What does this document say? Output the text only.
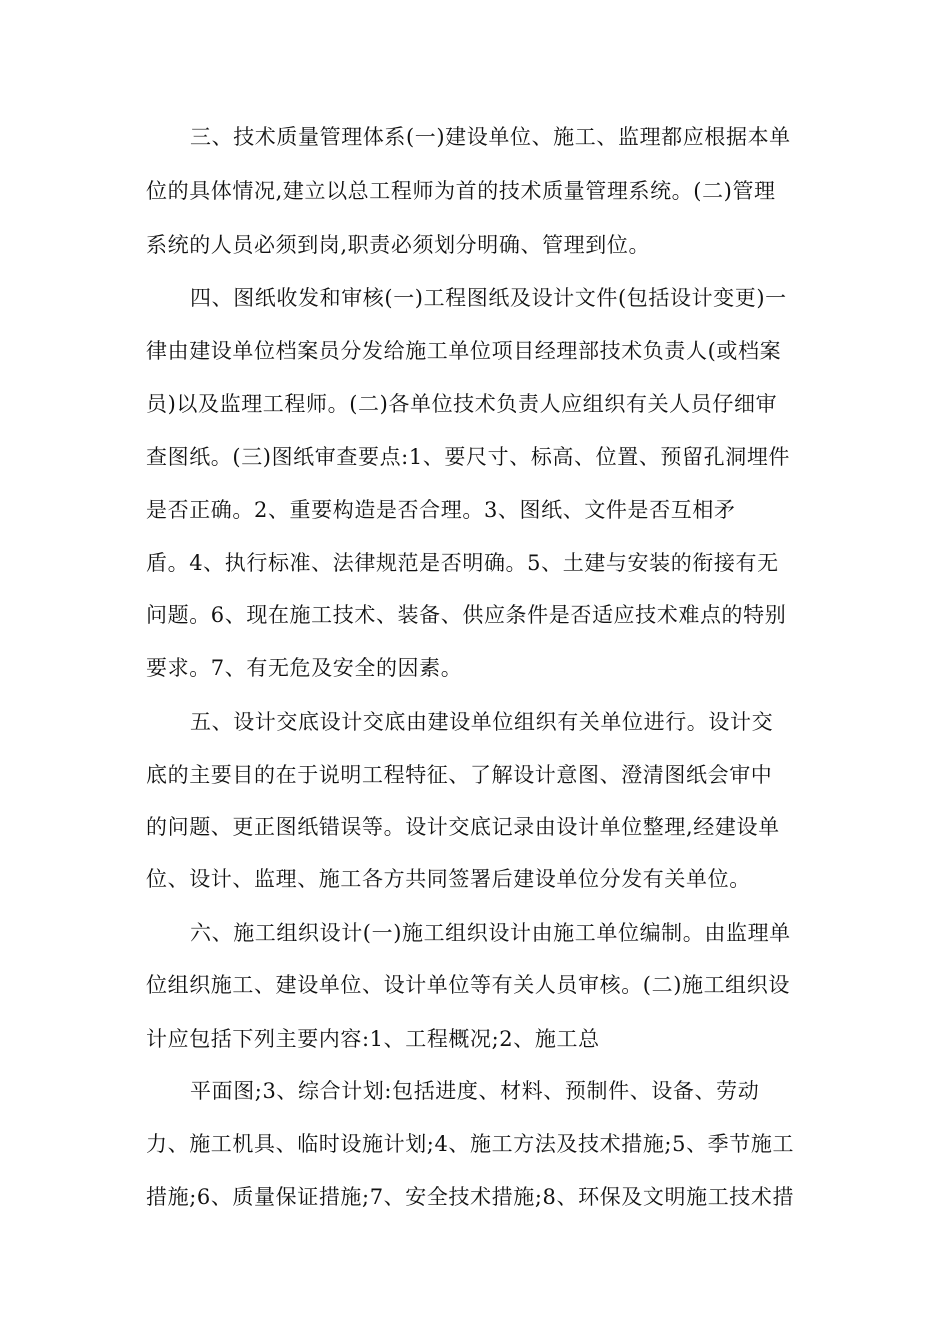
三、技术质量管理体系(一)建设单位、施工、监理都应根据本单
位的具体情况,建立以总工程师为首的技术质量管理系统。(二)管理
系统的人员必须到岗,职责必须划分明确、管理到位。
四、图纸收发和审核(一)工程图纸及设计文件(包括设计变更)一
律由建设单位档案员分发给施工单位项目经理部技术负责人(或档案
员)以及监理工程师。(二)各单位技术负责人应组织有关人员仔细审
查图纸。(三)图纸审查要点:1、要尺寸、标高、位置、预留孔洞埋件
是否正确。2、重要构造是否合理。3、图纸、文件是否互相矛
盾。4、执行标准、法律规范是否明确。5、土建与安装的衔接有无
问题。6、现在施工技术、装备、供应条件是否适应技术难点的特别
要求。7、有无危及安全的因素。
五、设计交底设计交底由建设单位组织有关单位进行。设计交
底的主要目的在于说明工程特征、了解设计意图、澄清图纸会审中
的问题、更正图纸错误等。设计交底记录由设计单位整理,经建设单
位、设计、监理、施工各方共同签署后建设单位分发有关单位。
六、施工组织设计(一)施工组织设计由施工单位编制。由监理单
位组织施工、建设单位、设计单位等有关人员审核。(二)施工组织设
计应包括下列主要内容:1、工程概况;2、施工总
平面图;3、综合计划:包括进度、材料、预制件、设备、劳动
力、施工机具、临时设施计划;4、施工方法及技术措施;5、季节施工
措施;6、质量保证措施;7、安全技术措施;8、环保及文明施工技术措
